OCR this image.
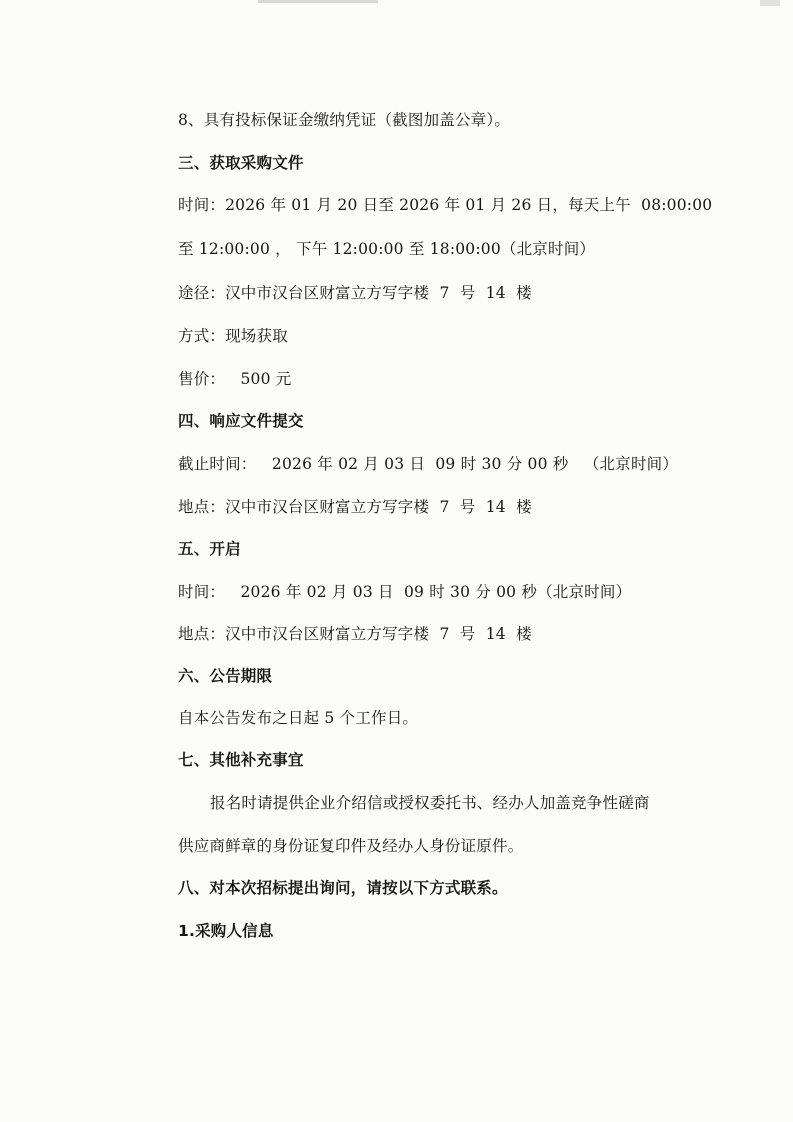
8、具有投标保证金缴纳凭证（截图加盖公章）。
三、获取采购文件
时间：2026 年 01 月 20 日至 2026 年 01 月 26 日，每天上午  08:00:00
至 12:00:00 ， 下午 12:00:00 至 18:00:00（北京时间）
途径：汉中市汉台区财富立方写字楼  7  号  14  楼
方式：现场获取
售价：   500 元
四、响应文件提交
截止时间：   2026 年 02 月 03 日  09 时 30 分 00 秒   （北京时间）
地点：汉中市汉台区财富立方写字楼  7  号  14  楼
五、开启
时间：   2026 年 02 月 03 日  09 时 30 分 00 秒（北京时间）
地点：汉中市汉台区财富立方写字楼  7  号  14  楼
六、公告期限
自本公告发布之日起 5 个工作日。
七、其他补充事宜
报名时请提供企业介绍信或授权委托书、经办人加盖竞争性磋商
供应商鲜章的身份证复印件及经办人身份证原件。
八、对本次招标提出询问，请按以下方式联系。
1.采购人信息
